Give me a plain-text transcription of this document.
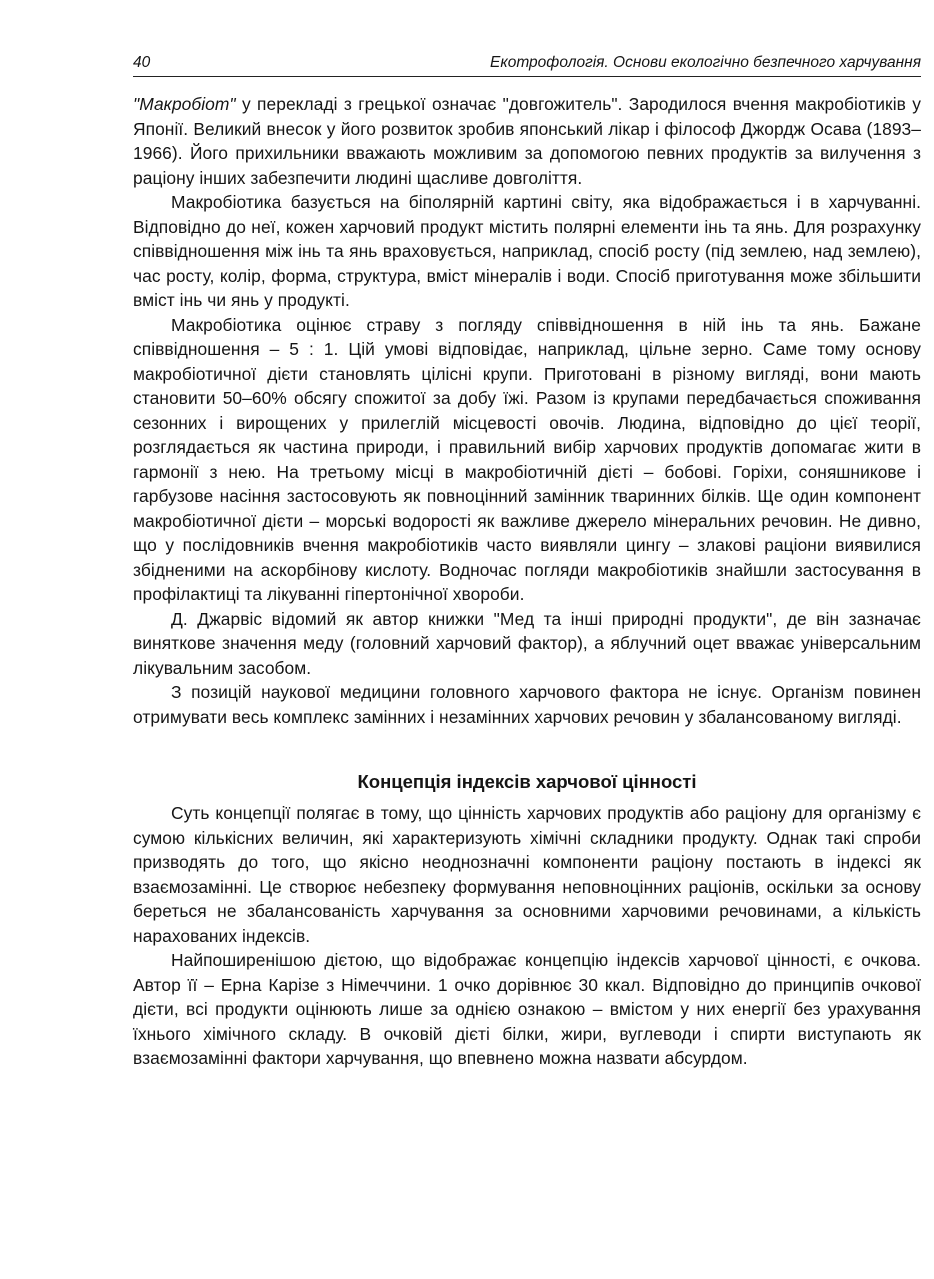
40	Екотрофологія. Основи екологічно безпечного харчування

"Макробіот" у перекладі з грецької означає "довгожитель". Зародилося вчення макробіотиків у Японії. Великий внесок у його розвиток зробив японський лікар і філософ Джордж Осава (1893–1966). Його прихильники вважають можливим за допомогою певних продуктів за вилучення з раціону інших забезпечити людині щасливе довголіття.

Макробіотика базується на біполярній картині світу, яка відображається і в харчуванні. Відповідно до неї, кожен харчовий продукт містить полярні елементи інь та янь. Для розрахунку співвідношення між інь та янь враховується, наприклад, спосіб росту (під землею, над землею), час росту, колір, форма, структура, вміст мінералів і води. Спосіб приготування може збільшити вміст інь чи янь у продукті.

Макробіотика оцінює страву з погляду співвідношення в ній інь та янь. Бажане співвідношення – 5 : 1. Цій умові відповідає, наприклад, цільне зерно. Саме тому основу макробіотичної дієти становлять цілісні крупи. Приготовані в різному вигляді, вони мають становити 50–60% обсягу спожитої за добу їжі. Разом із крупами передбачається споживання сезонних і вирощених у прилеглій місцевості овочів. Людина, відповідно до цієї теорії, розглядається як частина природи, і правильний вибір харчових продуктів допомагає жити в гармонії з нею. На третьому місці в макробіотичній дієті – бобові. Горіхи, соняшникове і гарбузове насіння застосовують як повноцінний замінник тваринних білків. Ще один компонент макробіотичної дієти – морські водорості як важливе джерело мінеральних речовин. Не дивно, що у послідовників вчення макробіотиків часто виявляли цингу – злакові раціони виявилися збідненими на аскорбінову кислоту. Водночас погляди макробіотиків знайшли застосування в профілактиці та лікуванні гіпертонічної хвороби.

Д. Джарвіс відомий як автор книжки "Мед та інші природні продукти", де він зазначає виняткове значення меду (головний харчовий фактор), а яблучний оцет вважає універсальним лікувальним засобом.

З позицій наукової медицини головного харчового фактора не існує. Організм повинен отримувати весь комплекс замінних і незамінних харчових речовин у збалансованому вигляді.

Концепція індексів харчової цінності

Суть концепції полягає в тому, що цінність харчових продуктів або раціону для організму є сумою кількісних величин, які характеризують хімічні складники продукту. Однак такі спроби призводять до того, що якісно неоднозначні компоненти раціону постають в індексі як взаємозамінні. Це створює небезпеку формування неповноцінних раціонів, оскільки за основу береться не збалансованість харчування за основними харчовими речовинами, а кількість нарахованих індексів.

Найпоширенішою дієтою, що відображає концепцію індексів харчової цінності, є очкова. Автор її – Ерна Карізе з Німеччини. 1 очко дорівнює 30 ккал. Відповідно до принципів очкової дієти, всі продукти оцінюють лише за однією ознакою – вмістом у них енергії без урахування їхнього хімічного складу. В очковій дієті білки, жири, вуглеводи і спирти виступають як взаємозамінні фактори харчування, що впевнено можна назвати абсурдом.
